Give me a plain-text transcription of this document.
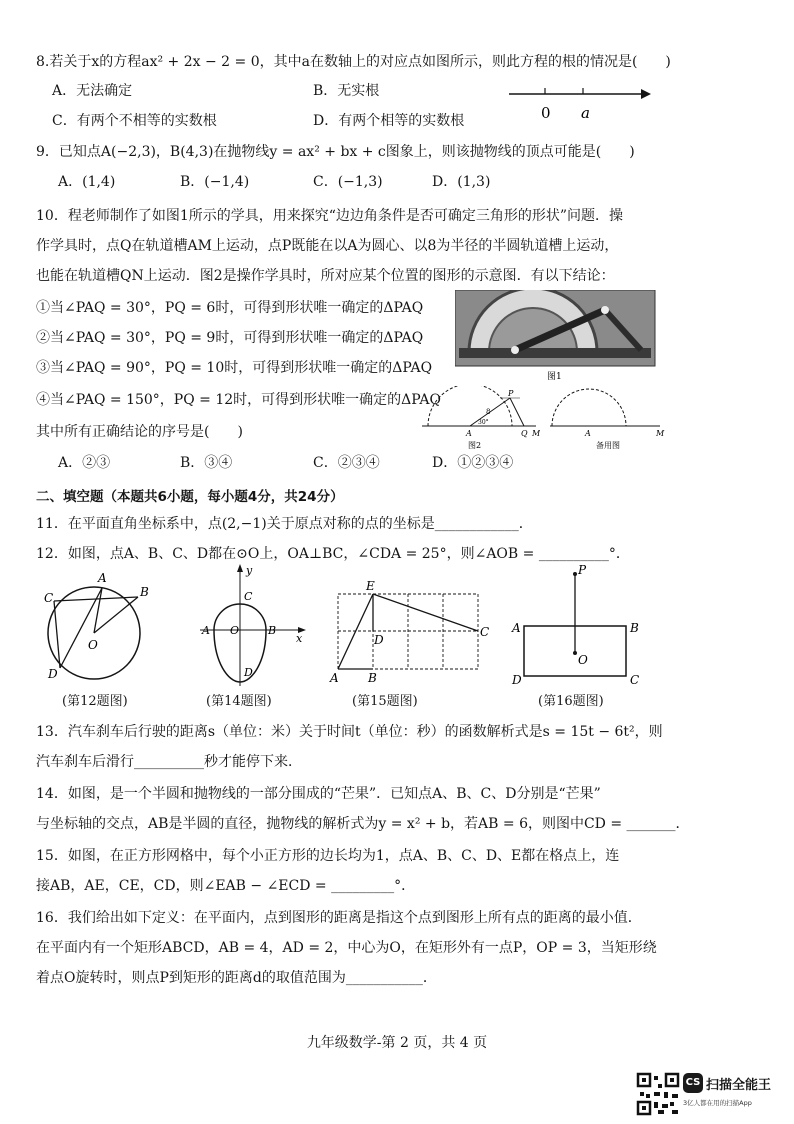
8.若关于x的方程ax² + 2x − 2 = 0，其中a在数轴上的对应点如图所示，则此方程的根的情况是(　　)
A．无法确定	B．无实根
C．有两个不相等的实数根	D．有两个相等的实数根	0 a
9．已知点A(−2,3)，B(4,3)在抛物线y = ax² + bx + c图象上，则该抛物线的顶点可能是(　　)
A．(1,4)	B．(−1,4)	C．(−1,3)	D．(1,3)
10．程老师制作了如图1所示的学具，用来探究“边边角条件是否可确定三角形的形状”问题．操
作学具时，点Q在轨道槽AM上运动，点P既能在以A为圆心、以8为半径的半圆轨道槽上运动，
也能在轨道槽QN上运动．图2是操作学具时，所对应某个位置的图形的示意图．有以下结论：
①当∠PAQ = 30°，PQ = 6时，可得到形状唯一确定的ΔPAQ
②当∠PAQ = 30°，PQ = 9时，可得到形状唯一确定的ΔPAQ
③当∠PAQ = 90°，PQ = 10时，可得到形状唯一确定的ΔPAQ
④当∠PAQ = 150°，PQ = 12时，可得到形状唯一确定的ΔPAQ
其中所有正确结论的序号是(　　)
A．②③	B．③④	C．②③④	D．①②③④
图1
A
P
Q M
8
30°
图2
A	M
备用图
二、填空题（本题共6小题，每小题4分，共24分）
11．在平面直角坐标系中，点(2,−1)关于原点对称的点的坐标是____________．
12．如图，点A、B、C、D都在⊙O上，OA⊥BC，∠CDA = 25°，则∠AOB = __________°．
A
B
C
D
O
(第12题图)
y
x
C
A	B
O
D
(第14题图)
E
A B
D
C
(第15题图)
P
O
A	B
D	C
(第16题图)
13．汽车刹车后行驶的距离s（单位：米）关于时间t（单位：秒）的函数解析式是s = 15t − 6t²，则
汽车刹车后滑行__________秒才能停下来．
14．如图，是一个半圆和抛物线的一部分围成的“芒果”．已知点A、B、C、D分别是“芒果”
与坐标轴的交点，AB是半圆的直径，抛物线的解析式为y = x² + b，若AB = 6，则图中CD = _______．
15．如图，在正方形网格中，每个小正方形的边长均为1，点A、B、C、D、E都在格点上，连
接AB，AE，CE，CD，则∠EAB − ∠ECD = _________°．
16．我们给出如下定义：在平面内，点到图形的距离是指这个点到图形上所有点的距离的最小值．
在平面内有一个矩形ABCD，AB = 4，AD = 2，中心为O，在矩形外有一点P，OP = 3，当矩形绕
着点O旋转时，则点P到矩形的距离d的取值范围为___________．
九年级数学-第 2 页，共 4 页
CS 扫描全能王
3亿人都在用的扫描App
